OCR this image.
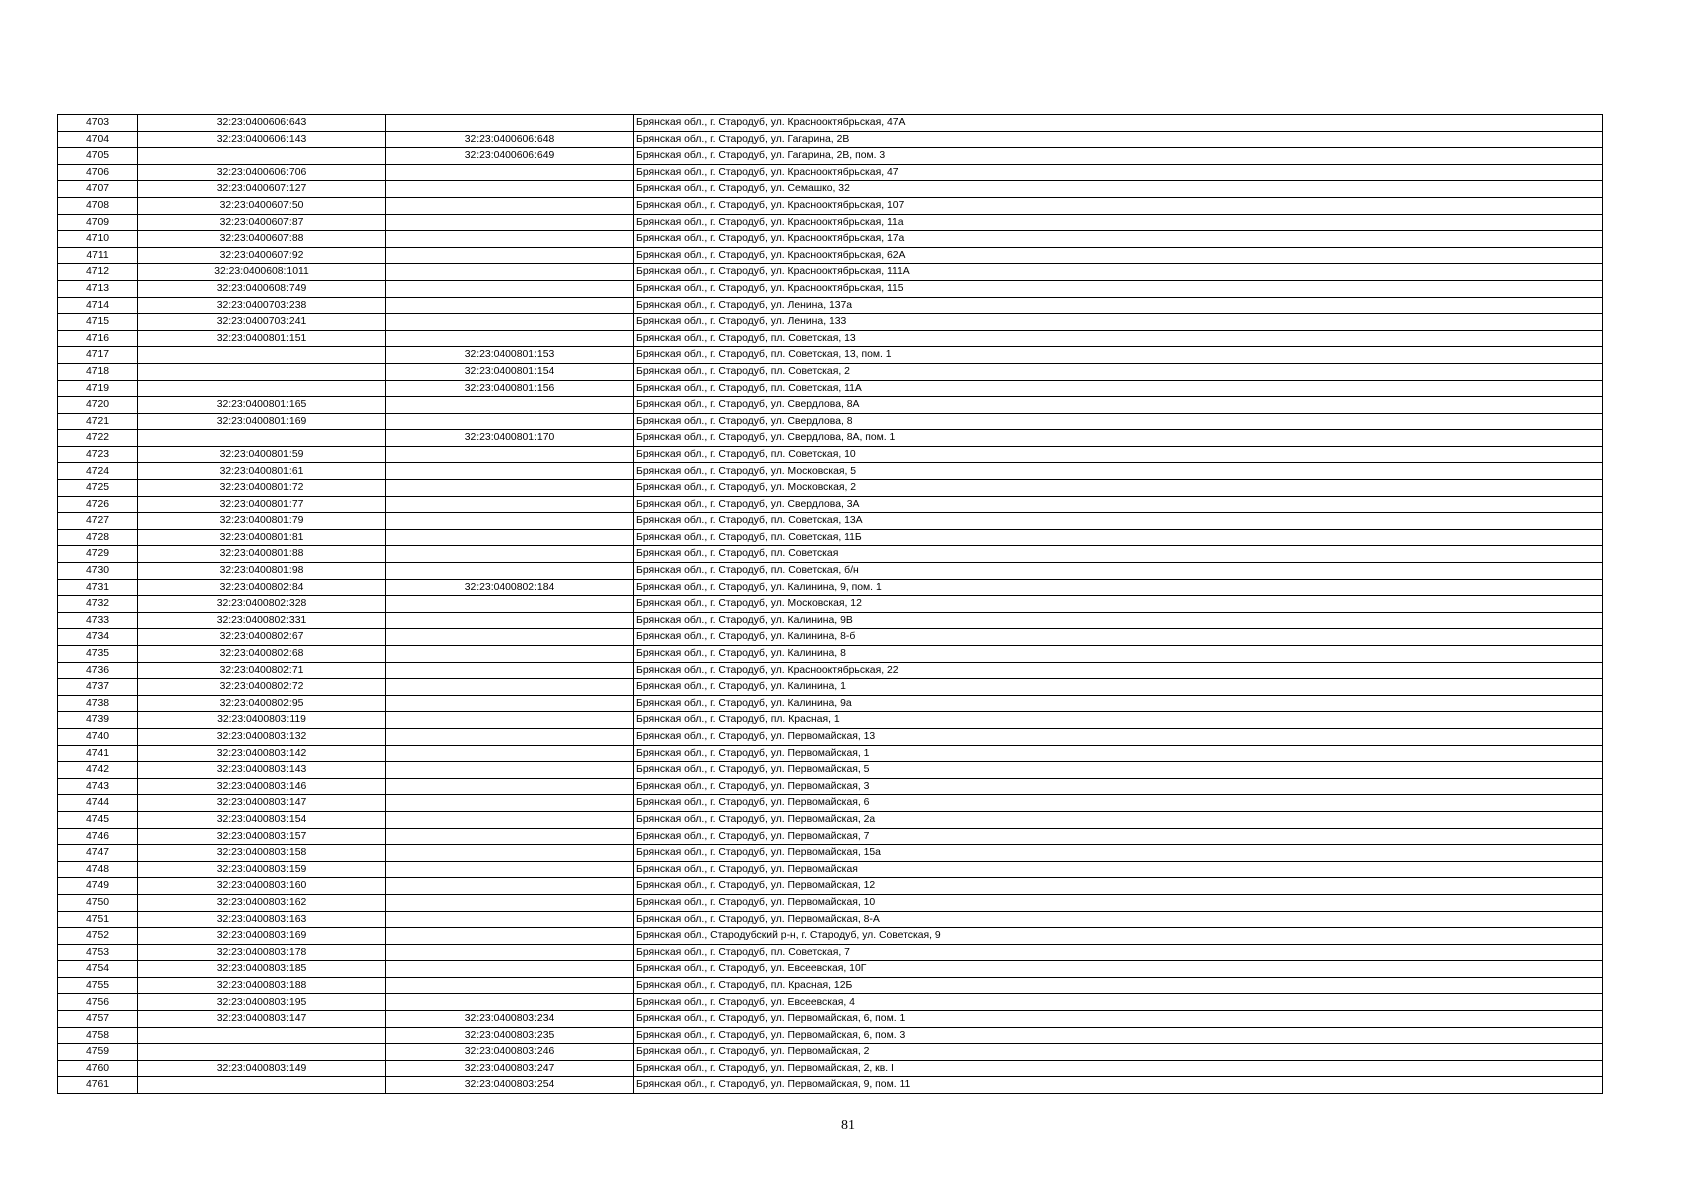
4703	32:23:0400606:643		Брянская обл., г. Стародуб, ул. Краснооктябрьская, 47А
4704	32:23:0400606:143	32:23:0400606:648	Брянская обл., г. Стародуб, ул. Гагарина, 2В
4705		32:23:0400606:649	Брянская обл., г. Стародуб, ул. Гагарина, 2В, пом. 3
4706	32:23:0400606:706		Брянская обл., г. Стародуб, ул. Краснооктябрьская, 47
4707	32:23:0400607:127		Брянская обл., г. Стародуб, ул. Семашко, 32
4708	32:23:0400607:50		Брянская обл., г. Стародуб, ул. Краснооктябрьская, 107
4709	32:23:0400607:87		Брянская обл., г. Стародуб, ул. Краснооктябрьская, 11а
4710	32:23:0400607:88		Брянская обл., г. Стародуб, ул. Краснооктябрьская, 17а
4711	32:23:0400607:92		Брянская обл., г. Стародуб, ул. Краснооктябрьская, 62А
4712	32:23:0400608:1011		Брянская обл., г. Стародуб, ул. Краснооктябрьская, 111А
4713	32:23:0400608:749		Брянская обл., г. Стародуб, ул. Краснооктябрьская, 115
4714	32:23:0400703:238		Брянская обл., г. Стародуб, ул. Ленина, 137а
4715	32:23:0400703:241		Брянская обл., г. Стародуб, ул. Ленина, 133
4716	32:23:0400801:151		Брянская обл., г. Стародуб, пл. Советская, 13
4717		32:23:0400801:153	Брянская обл., г. Стародуб, пл. Советская, 13, пом. 1
4718		32:23:0400801:154	Брянская обл., г. Стародуб, пл. Советская, 2
4719		32:23:0400801:156	Брянская обл., г. Стародуб, пл. Советская, 11А
4720	32:23:0400801:165		Брянская обл., г. Стародуб, ул. Свердлова, 8А
4721	32:23:0400801:169		Брянская обл., г. Стародуб, ул. Свердлова, 8
4722		32:23:0400801:170	Брянская обл., г. Стародуб, ул. Свердлова, 8А, пом. 1
4723	32:23:0400801:59		Брянская обл., г. Стародуб, пл. Советская, 10
4724	32:23:0400801:61		Брянская обл., г. Стародуб, ул. Московская, 5
4725	32:23:0400801:72		Брянская обл., г. Стародуб, ул. Московская, 2
4726	32:23:0400801:77		Брянская обл., г. Стародуб, ул. Свердлова, 3А
4727	32:23:0400801:79		Брянская обл., г. Стародуб, пл. Советская, 13А
4728	32:23:0400801:81		Брянская обл., г. Стародуб, пл. Советская, 11Б
4729	32:23:0400801:88		Брянская обл., г. Стародуб, пл. Советская
4730	32:23:0400801:98		Брянская обл., г. Стародуб, пл. Советская, б/н
4731	32:23:0400802:84	32:23:0400802:184	Брянская обл., г. Стародуб, ул. Калинина, 9, пом. 1
4732	32:23:0400802:328		Брянская обл., г. Стародуб, ул. Московская, 12
4733	32:23:0400802:331		Брянская обл., г. Стародуб, ул. Калинина, 9В
4734	32:23:0400802:67		Брянская обл., г. Стародуб, ул. Калинина, 8-б
4735	32:23:0400802:68		Брянская обл., г. Стародуб, ул. Калинина, 8
4736	32:23:0400802:71		Брянская обл., г. Стародуб, ул. Краснооктябрьская, 22
4737	32:23:0400802:72		Брянская обл., г. Стародуб, ул. Калинина, 1
4738	32:23:0400802:95		Брянская обл., г. Стародуб, ул. Калинина, 9а
4739	32:23:0400803:119		Брянская обл., г. Стародуб, пл. Красная, 1
4740	32:23:0400803:132		Брянская обл., г. Стародуб, ул. Первомайская, 13
4741	32:23:0400803:142		Брянская обл., г. Стародуб, ул. Первомайская, 1
4742	32:23:0400803:143		Брянская обл., г. Стародуб, ул. Первомайская, 5
4743	32:23:0400803:146		Брянская обл., г. Стародуб, ул. Первомайская, 3
4744	32:23:0400803:147		Брянская обл., г. Стародуб, ул. Первомайская, 6
4745	32:23:0400803:154		Брянская обл., г. Стародуб, ул. Первомайская, 2а
4746	32:23:0400803:157		Брянская обл., г. Стародуб, ул. Первомайская, 7
4747	32:23:0400803:158		Брянская обл., г. Стародуб, ул. Первомайская, 15а
4748	32:23:0400803:159		Брянская обл., г. Стародуб, ул. Первомайская
4749	32:23:0400803:160		Брянская обл., г. Стародуб, ул. Первомайская, 12
4750	32:23:0400803:162		Брянская обл., г. Стародуб, ул. Первомайская, 10
4751	32:23:0400803:163		Брянская обл., г. Стародуб, ул. Первомайская, 8-А
4752	32:23:0400803:169		Брянская обл., Стародубский р-н, г. Стародуб, ул. Советская, 9
4753	32:23:0400803:178		Брянская обл., г. Стародуб, пл. Советская, 7
4754	32:23:0400803:185		Брянская обл., г. Стародуб, ул. Евсеевская, 10Г
4755	32:23:0400803:188		Брянская обл., г. Стародуб, пл. Красная, 12Б
4756	32:23:0400803:195		Брянская обл., г. Стародуб, ул. Евсеевская, 4
4757	32:23:0400803:147	32:23:0400803:234	Брянская обл., г. Стародуб, ул. Первомайская, 6, пом. 1
4758		32:23:0400803:235	Брянская обл., г. Стародуб, ул. Первомайская, 6, пом. 3
4759		32:23:0400803:246	Брянская обл., г. Стародуб, ул. Первомайская, 2
4760	32:23:0400803:149	32:23:0400803:247	Брянская обл., г. Стародуб, ул. Первомайская, 2, кв. I
4761		32:23:0400803:254	Брянская обл., г. Стародуб, ул. Первомайская, 9, пом. 11
81
